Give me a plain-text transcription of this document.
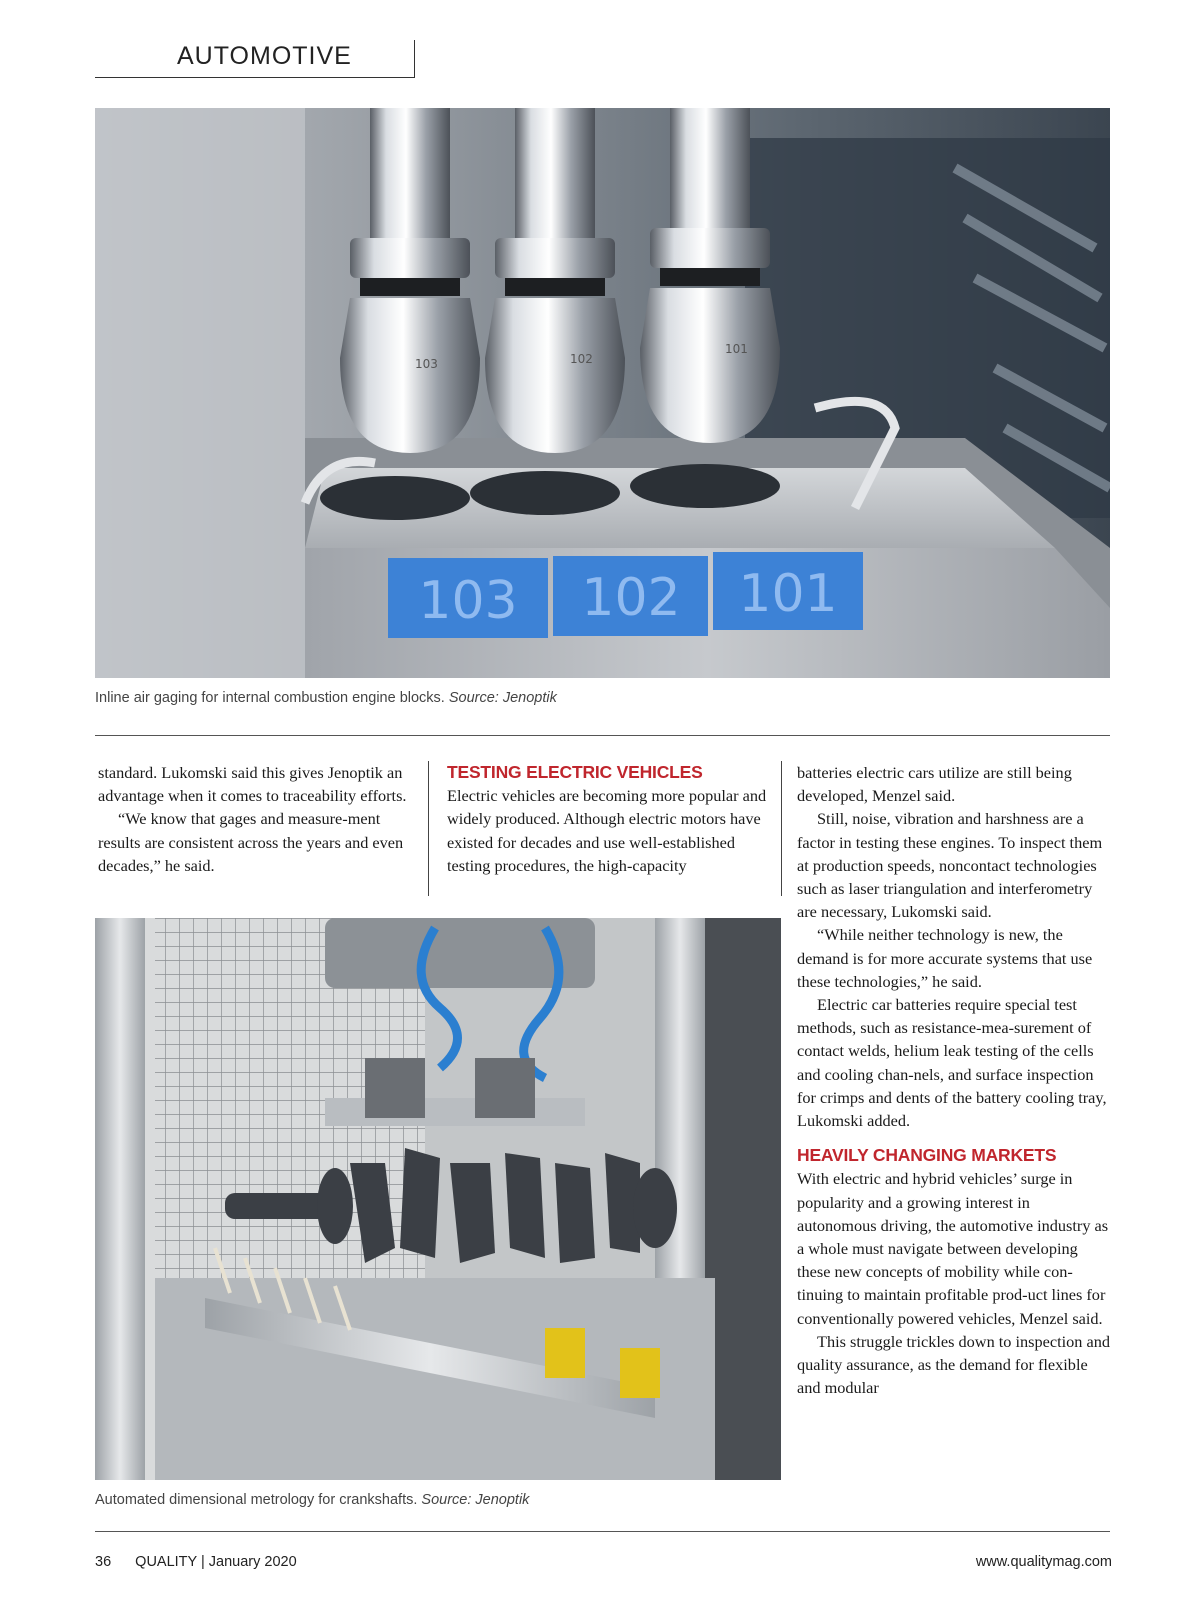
AUTOMOTIVE
103	102
101
103 102 101
Inline air gaging for internal combustion engine blocks. Source: Jenoptik

standard. Lukomski said this gives Jenoptik an advantage when it comes to traceability efforts.

“We know that gages and measure-ment results are consistent across the years and even decades,” he said.

TESTING ELECTRIC VEHICLES

Electric vehicles are becoming more popular and widely produced. Although electric motors have existed for decades and use well-established testing procedures, the high-capacity

Automated dimensional metrology for crankshafts. Source: Jenoptik

batteries electric cars utilize are still being developed, Menzel said.

Still, noise, vibration and harshness are a factor in testing these engines. To inspect them at production speeds, noncontact technologies such as laser triangulation and interferometry are necessary, Lukomski said.

“While neither technology is new, the demand is for more accurate systems that use these technologies,” he said.

Electric car batteries require special test methods, such as resistance-mea-surement of contact welds, helium leak testing of the cells and cooling chan-nels, and surface inspection for crimps and dents of the battery cooling tray, Lukomski added.

HEAVILY CHANGING MARKETS

With electric and hybrid vehicles’ surge in popularity and a growing interest in autonomous driving, the automotive industry as a whole must navigate between developing these new concepts of mobility while con-tinuing to maintain profitable prod-uct lines for conventionally powered vehicles, Menzel said.

This struggle trickles down to inspection and quality assurance, as the demand for flexible and modular

36 QUALITY | January 2020	www.qualitymag.com
